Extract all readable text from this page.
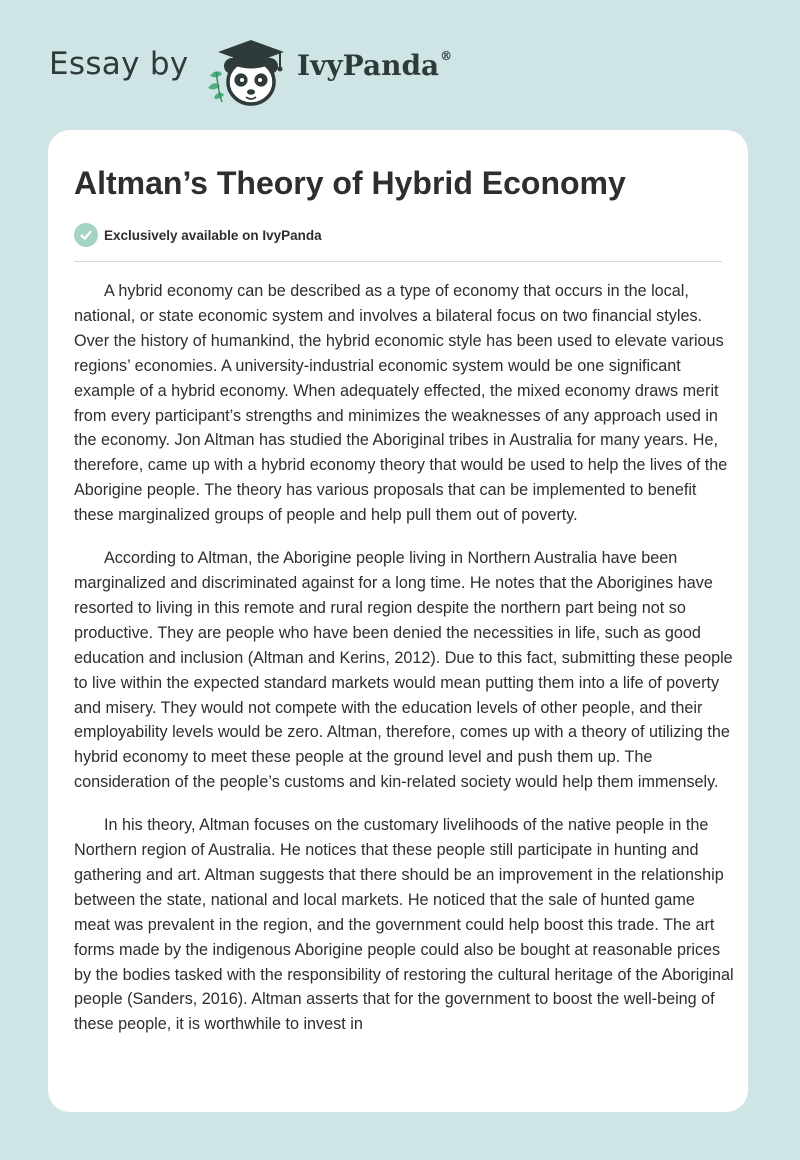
Essay by	IvyPanda®
Altman’s Theory of Hybrid Economy
Exclusively available on IvyPanda

A hybrid economy can be described as a type of economy that occurs in the local, national, or state economic system and involves a bilateral focus on two financial styles. Over the history of humankind, the hybrid economic style has been used to elevate various regions’ economies. A university-industrial economic system would be one significant example of a hybrid economy. When adequately effected, the mixed economy draws merit from every participant’s strengths and minimizes the weaknesses of any approach used in the economy. Jon Altman has studied the Aboriginal tribes in Australia for many years. He, therefore, came up with a hybrid economy theory that would be used to help the lives of the Aborigine people. The theory has various proposals that can be implemented to benefit these marginalized groups of people and help pull them out of poverty.

According to Altman, the Aborigine people living in Northern Australia have been marginalized and discriminated against for a long time. He notes that the Aborigines have resorted to living in this remote and rural region despite the northern part being not so productive. They are people who have been denied the necessities in life, such as good education and inclusion (Altman and Kerins, 2012). Due to this fact, submitting these people to live within the expected standard markets would mean putting them into a life of poverty and misery. They would not compete with the education levels of other people, and their employability levels would be zero. Altman, therefore, comes up with a theory of utilizing the hybrid economy to meet these people at the ground level and push them up. The consideration of the people’s customs and kin-related society would help them immensely.

In his theory, Altman focuses on the customary livelihoods of the native people in the Northern region of Australia. He notices that these people still participate in hunting and gathering and art. Altman suggests that there should be an improvement in the relationship between the state, national and local markets. He noticed that the sale of hunted game meat was prevalent in the region, and the government could help boost this trade. The art forms made by the indigenous Aborigine people could also be bought at reasonable prices by the bodies tasked with the responsibility of restoring the cultural heritage of the Aboriginal people (Sanders, 2016). Altman asserts that for the government to boost the well-being of these people, it is worthwhile to invest in
